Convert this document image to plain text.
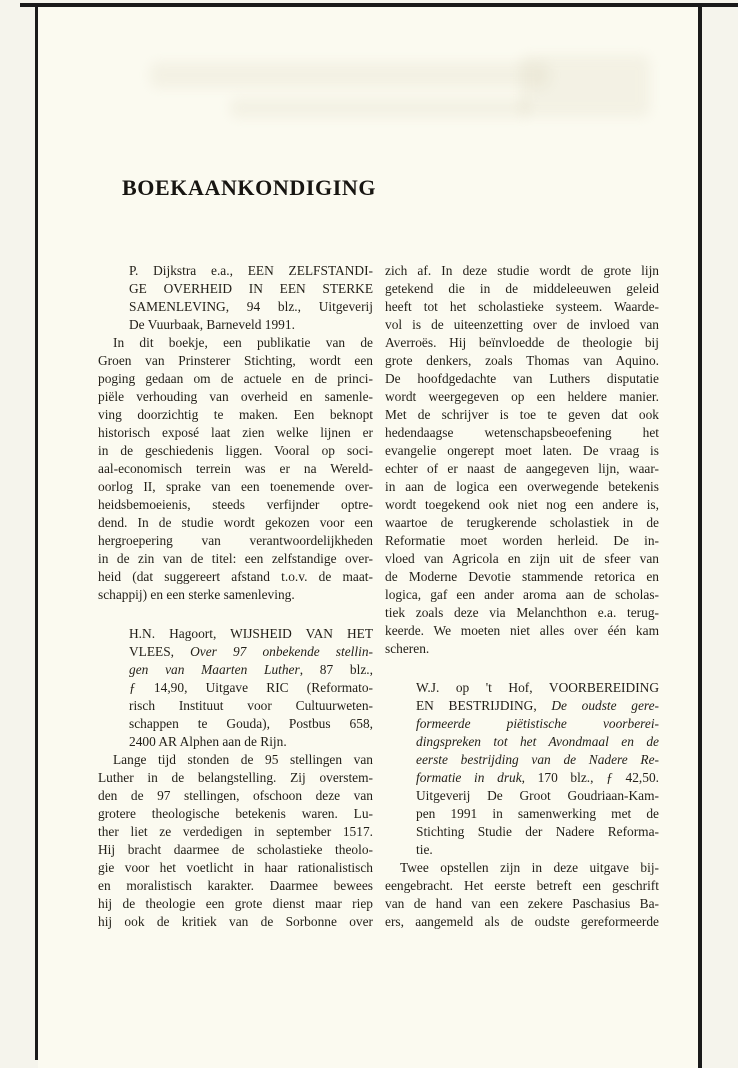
BOEKAANKONDIGING
P. Dijkstra e.a., EEN ZELFSTANDI-
GE OVERHEID IN EEN STERKE
SAMENLEVING, 94 blz., Uitgeverij
De Vuurbaak, Barneveld 1991.
In dit boekje, een publikatie van de
Groen van Prinsterer Stichting, wordt een
poging gedaan om de actuele en de princi-
piële verhouding van overheid en samenle-
ving doorzichtig te maken. Een beknopt
historisch exposé laat zien welke lijnen er
in de geschiedenis liggen. Vooral op soci-
aal-economisch terrein was er na Wereld-
oorlog II, sprake van een toenemende over-
heidsbemoeienis, steeds verfijnder optre-
dend. In de studie wordt gekozen voor een
hergroepering van verantwoordelijkheden
in de zin van de titel: een zelfstandige over-
heid (dat suggereert afstand t.o.v. de maat-
schappij) en een sterke samenleving.
H.N. Hagoort, WIJSHEID VAN HET
VLEES, Over 97 onbekende stellin-
gen van Maarten Luther, 87 blz.,
ƒ 14,90, Uitgave RIC (Reformato-
risch Instituut voor Cultuurweten-
schappen te Gouda), Postbus 658,
2400 AR Alphen aan de Rijn.
Lange tijd stonden de 95 stellingen van
Luther in de belangstelling. Zij overstem-
den de 97 stellingen, ofschoon deze van
grotere theologische betekenis waren. Lu-
ther liet ze verdedigen in september 1517.
Hij bracht daarmee de scholastieke theolo-
gie voor het voetlicht in haar rationalistisch
en moralistisch karakter. Daarmee bewees
hij de theologie een grote dienst maar riep
hij ook de kritiek van de Sorbonne over
zich af. In deze studie wordt de grote lijn
getekend die in de middeleeuwen geleid
heeft tot het scholastieke systeem. Waarde-
vol is de uiteenzetting over de invloed van
Averroës. Hij beïnvloedde de theologie bij
grote denkers, zoals Thomas van Aquino.
De hoofdgedachte van Luthers disputatie
wordt weergegeven op een heldere manier.
Met de schrijver is toe te geven dat ook
hedendaagse wetenschapsbeoefening het
evangelie ongerept moet laten. De vraag is
echter of er naast de aangegeven lijn, waar-
in aan de logica een overwegende betekenis
wordt toegekend ook niet nog een andere is,
waartoe de terugkerende scholastiek in de
Reformatie moet worden herleid. De in-
vloed van Agricola en zijn uit de sfeer van
de Moderne Devotie stammende retorica en
logica, gaf een ander aroma aan de scholas-
tiek zoals deze via Melanchthon e.a. terug-
keerde. We moeten niet alles over één kam
scheren.
W.J. op 't Hof, VOORBEREIDING
EN BESTRIJDING, De oudste gere-
formeerde piëtistische voorberei-
dingspreken tot het Avondmaal en de
eerste bestrijding van de Nadere Re-
formatie in druk, 170 blz., ƒ 42,50.
Uitgeverij De Groot Goudriaan-Kam-
pen 1991 in samenwerking met de
Stichting Studie der Nadere Reforma-
tie.
Twee opstellen zijn in deze uitgave bij-
eengebracht. Het eerste betreft een geschrift
van de hand van een zekere Paschasius Ba-
ers, aangemeld als de oudste gereformeerde
